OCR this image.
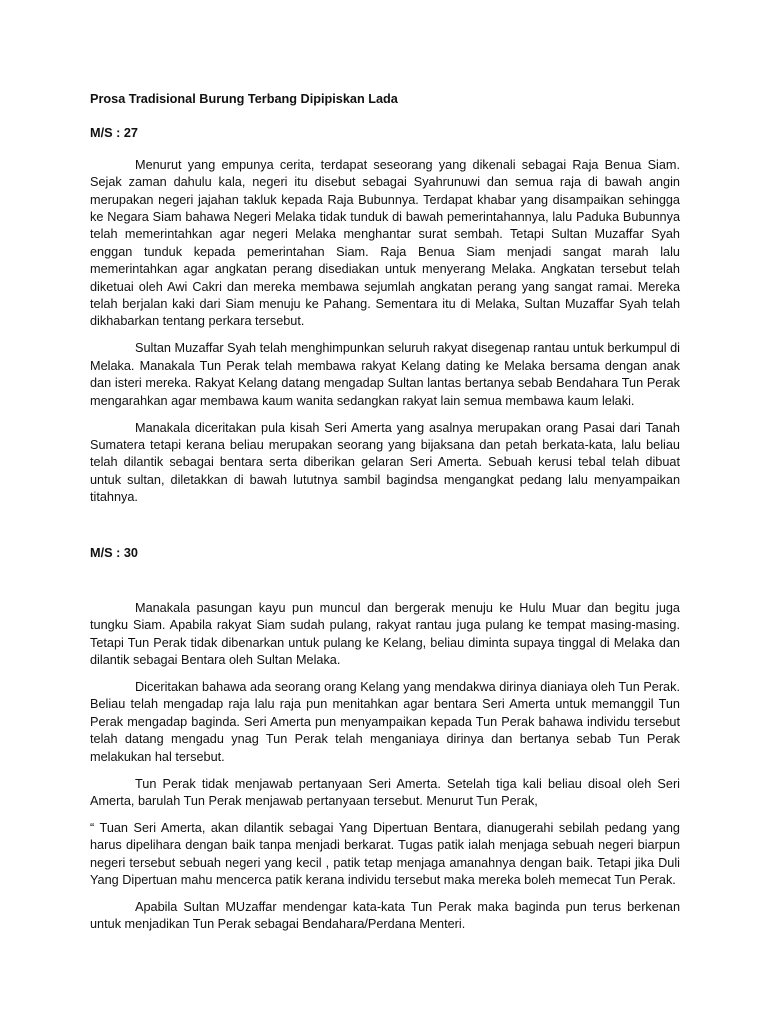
Prosa Tradisional Burung Terbang Dipipiskan Lada
M/S : 27

Menurut yang empunya cerita, terdapat seseorang yang dikenali sebagai Raja Benua Siam. Sejak zaman dahulu kala, negeri itu disebut sebagai Syahrunuwi dan semua raja di bawah angin merupakan negeri jajahan takluk kepada Raja Bubunnya. Terdapat khabar yang disampaikan sehingga ke Negara Siam bahawa Negeri Melaka tidak tunduk di bawah pemerintahannya, lalu Paduka Bubunnya telah memerintahkan agar negeri Melaka menghantar surat sembah. Tetapi Sultan Muzaffar Syah enggan tunduk kepada pemerintahan Siam. Raja Benua Siam menjadi sangat marah lalu memerintahkan agar angkatan perang disediakan untuk menyerang Melaka. Angkatan tersebut telah diketuai oleh Awi Cakri dan mereka membawa sejumlah angkatan perang yang sangat ramai. Mereka telah berjalan kaki dari Siam menuju ke Pahang. Sementara itu di Melaka, Sultan Muzaffar Syah telah dikhabarkan tentang perkara tersebut.

Sultan Muzaffar Syah telah menghimpunkan seluruh rakyat disegenap rantau untuk berkumpul di Melaka. Manakala Tun Perak telah membawa rakyat Kelang dating ke Melaka bersama dengan anak dan isteri mereka. Rakyat Kelang datang mengadap Sultan lantas bertanya sebab Bendahara Tun Perak mengarahkan agar membawa kaum wanita sedangkan rakyat lain semua membawa kaum lelaki.

Manakala diceritakan pula kisah Seri Amerta yang asalnya merupakan orang Pasai dari Tanah Sumatera tetapi kerana beliau merupakan seorang yang bijaksana dan petah berkata-kata, lalu beliau telah dilantik sebagai bentara serta diberikan gelaran Seri Amerta. Sebuah kerusi tebal telah dibuat untuk sultan, diletakkan di bawah lututnya sambil bagindsa mengangkat pedang lalu menyampaikan titahnya.

M/S : 30

Manakala pasungan kayu pun muncul dan bergerak menuju ke Hulu Muar dan begitu juga tungku Siam. Apabila rakyat Siam sudah pulang, rakyat rantau juga pulang ke tempat masing-masing. Tetapi Tun Perak tidak dibenarkan untuk pulang ke Kelang, beliau diminta supaya tinggal di Melaka dan dilantik sebagai Bentara oleh Sultan Melaka.

Diceritakan bahawa ada seorang orang Kelang yang mendakwa dirinya dianiaya oleh Tun Perak. Beliau telah mengadap raja lalu raja pun menitahkan agar bentara Seri Amerta untuk memanggil Tun Perak mengadap baginda. Seri Amerta pun menyampaikan kepada Tun Perak bahawa individu tersebut telah datang mengadu ynag Tun Perak telah menganiaya dirinya dan bertanya sebab Tun Perak melakukan hal tersebut.

Tun Perak tidak menjawab pertanyaan Seri Amerta. Setelah tiga kali beliau disoal oleh Seri Amerta, barulah Tun Perak menjawab pertanyaan tersebut. Menurut Tun Perak,

“ Tuan Seri Amerta, akan dilantik sebagai Yang Dipertuan Bentara, dianugerahi sebilah pedang yang harus dipelihara dengan baik tanpa menjadi berkarat. Tugas patik ialah menjaga sebuah negeri biarpun negeri tersebut sebuah negeri yang kecil , patik tetap menjaga amanahnya dengan baik. Tetapi jika Duli Yang Dipertuan mahu mencerca patik kerana individu tersebut maka mereka boleh memecat Tun Perak.

Apabila Sultan MUzaffar mendengar kata-kata Tun Perak maka baginda pun terus berkenan untuk menjadikan Tun Perak sebagai Bendahara/Perdana Menteri.
